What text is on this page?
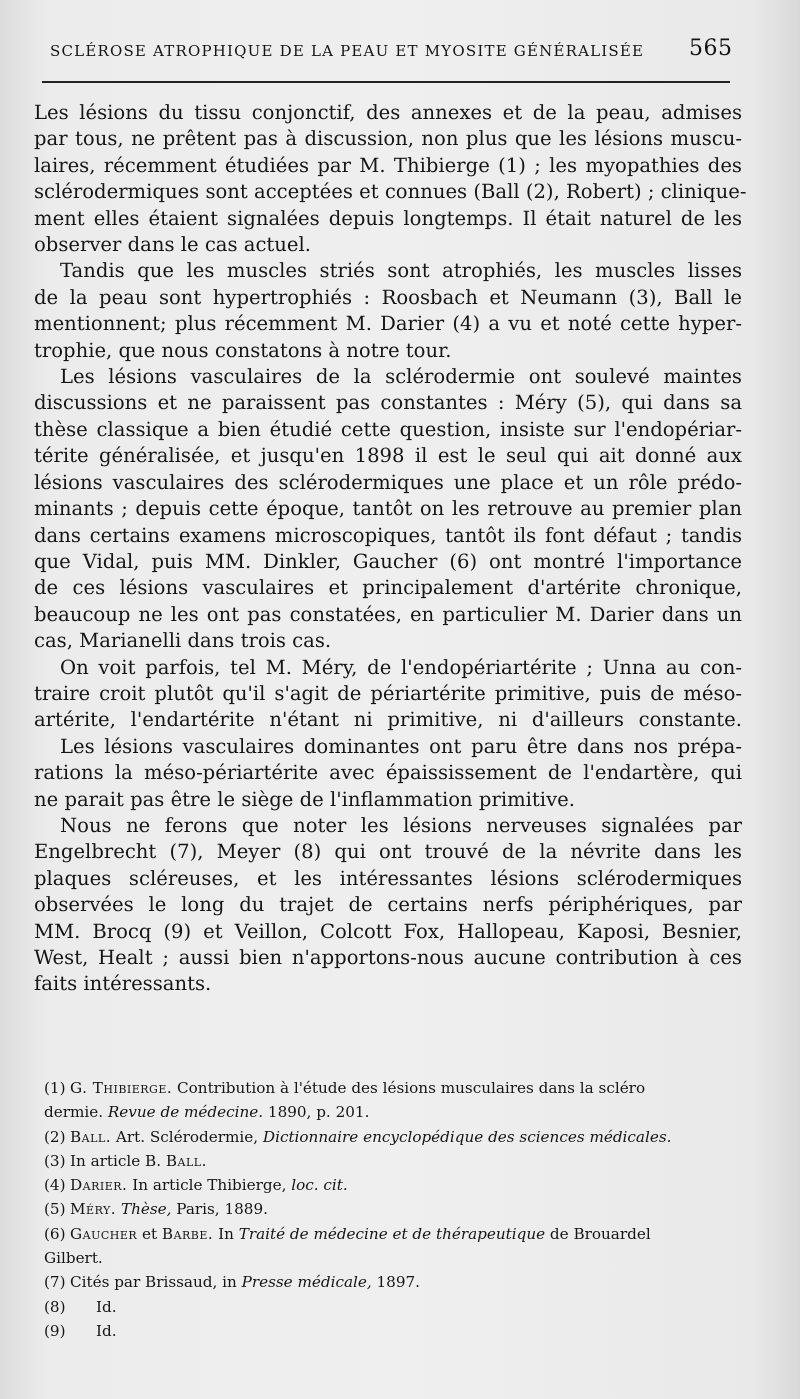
SCLÉROSE ATROPHIQUE DE LA PEAU ET MYOSITE GÉNÉRALISÉE 565
Les lésions du tissu conjonctif, des annexes et de la peau, admises
par tous, ne prêtent pas à discussion, non plus que les lésions muscu-
laires, récemment étudiées par M. Thibierge (1) ; les myopathies des
sclérodermiques sont acceptées et connues (Ball (2), Robert) ; clinique-
ment elles étaient signalées depuis longtemps. Il était naturel de les
observer dans le cas actuel.
Tandis que les muscles striés sont atrophiés, les muscles lisses
de la peau sont hypertrophiés : Roosbach et Neumann (3), Ball le
mentionnent; plus récemment M. Darier (4) a vu et noté cette hyper-
trophie, que nous constatons à notre tour.
Les lésions vasculaires de la sclérodermie ont soulevé maintes
discussions et ne paraissent pas constantes : Méry (5), qui dans sa
thèse classique a bien étudié cette question, insiste sur l'endopériar-
térite généralisée, et jusqu'en 1898 il est le seul qui ait donné aux
lésions vasculaires des sclérodermiques une place et un rôle prédo-
minants ; depuis cette époque, tantôt on les retrouve au premier plan
dans certains examens microscopiques, tantôt ils font défaut ; tandis
que Vidal, puis MM. Dinkler, Gaucher (6) ont montré l'importance
de ces lésions vasculaires et principalement d'artérite chronique,
beaucoup ne les ont pas constatées, en particulier M. Darier dans un
cas, Marianelli dans trois cas.
On voit parfois, tel M. Méry, de l'endopériartérite ; Unna au con-
traire croit plutôt qu'il s'agit de périartérite primitive, puis de méso-
artérite, l'endartérite n'étant ni primitive, ni d'ailleurs constante.
Les lésions vasculaires dominantes ont paru être dans nos prépa-
rations la méso-périartérite avec épaississement de l'endartère, qui
ne parait pas être le siège de l'inflammation primitive.
Nous ne ferons que noter les lésions nerveuses signalées par
Engelbrecht (7), Meyer (8) qui ont trouvé de la névrite dans les
plaques scléreuses, et les intéressantes lésions sclérodermiques
observées le long du trajet de certains nerfs périphériques, par
MM. Brocq (9) et Veillon, Colcott Fox, Hallopeau, Kaposi, Besnier,
West, Healt ; aussi bien n'apportons-nous aucune contribution à ces
faits intéressants.
(1) G. Thibierge. Contribution à l'étude des lésions musculaires dans la scléro
dermie. Revue de médecine. 1890, p. 201.
(2) Ball. Art. Sclérodermie, Dictionnaire encyclopédique des sciences médicales.
(3) In article B. Ball.
(4) Darier. In article Thibierge, loc. cit.
(5) Méry. Thèse, Paris, 1889.
(6) Gaucher et Barbe. In Traité de médecine et de thérapeutique de Brouardel
Gilbert.
(7) Cités par Brissaud, in Presse médicale, 1897.
(8) Id.
(9) Id.
